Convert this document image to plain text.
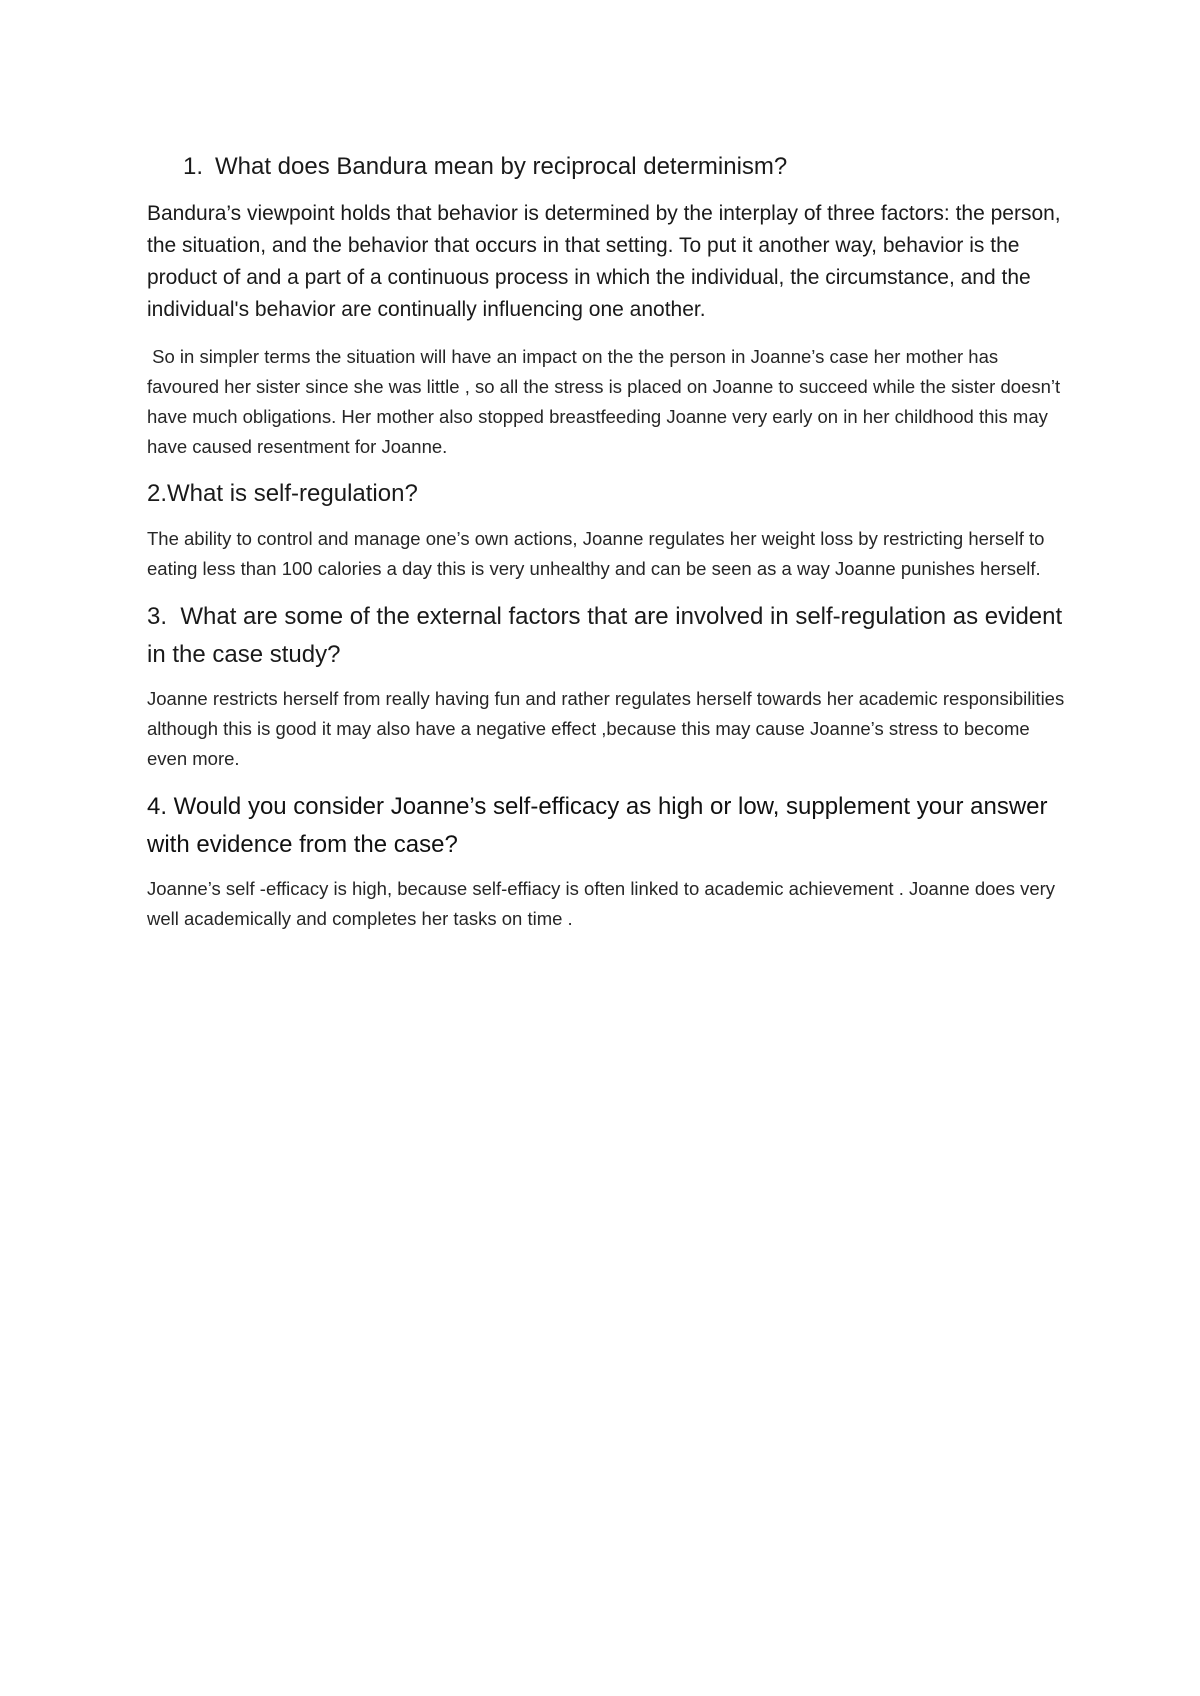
1. What does Bandura mean by reciprocal determinism?

Bandura’s viewpoint holds that behavior is determined by the interplay of three factors: the person, the situation, and the behavior that occurs in that setting. To put it another way, behavior is the product of and a part of a continuous process in which the individual, the circumstance, and the individual's behavior are continually influencing one another.

So in simpler terms the situation will have an impact on the the person in Joanne’s case her mother has favoured her sister since she was little , so all the stress is placed on Joanne to succeed while the sister doesn’t have much obligations. Her mother also stopped breastfeeding Joanne very early on in her childhood this may have caused resentment for Joanne.

2.What is self-regulation?

The ability to control and manage one’s own actions, Joanne regulates her weight loss by restricting herself to eating less than 100 calories a day this is very unhealthy and can be seen as a way Joanne punishes herself.

3.  What are some of the external factors that are involved in self-regulation as evident in the case study?

Joanne restricts herself from really having fun and rather regulates herself towards her academic responsibilities although this is good it may also have a negative effect ,because this may cause Joanne’s stress to become even more.

4. Would you consider Joanne’s self-efficacy as high or low, supplement your answer with evidence from the case?

Joanne’s self -efficacy is high, because self-effiacy is often linked to academic achievement . Joanne does very well academically and completes her tasks on time .
